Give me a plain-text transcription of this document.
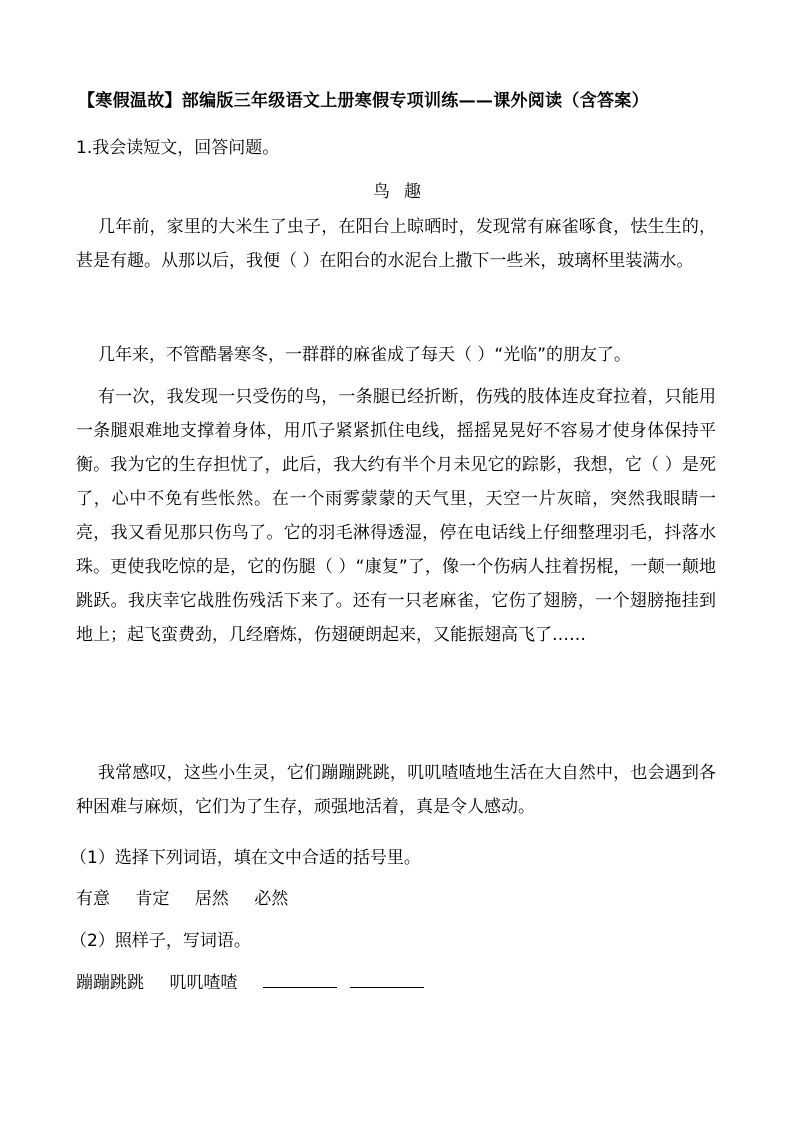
【寒假温故】部编版三年级语文上册寒假专项训练——课外阅读（含答案）
1.我会读短文，回答问题。
鸟趣

几年前，家里的大米生了虫子，在阳台上晾晒时，发现常有麻雀啄食，怯生生的，甚是有趣。从那以后，我便（ ）在阳台的水泥台上撒下一些米，玻璃杯里装满水。

几年来，不管酷暑寒冬，一群群的麻雀成了每天（ ）“光临”的朋友了。

有一次，我发现一只受伤的鸟，一条腿已经折断，伤残的肢体连皮耷拉着，只能用一条腿艰难地支撑着身体，用爪子紧紧抓住电线，摇摇晃晃好不容易才使身体保持平衡。我为它的生存担忧了，此后，我大约有半个月未见它的踪影，我想，它（ ）是死了，心中不免有些怅然。在一个雨雾蒙蒙的天气里，天空一片灰暗，突然我眼睛一亮，我又看见那只伤鸟了。它的羽毛淋得透湿，停在电话线上仔细整理羽毛，抖落水珠。更使我吃惊的是，它的伤腿（ ）“康复”了，像一个伤病人拄着拐棍，一颠一颠地跳跃。我庆幸它战胜伤残活下来了。还有一只老麻雀，它伤了翅膀，一个翅膀拖挂到地上；起飞蛮费劲，几经磨炼，伤翅硬朗起来，又能振翅高飞了……

我常感叹，这些小生灵，它们蹦蹦跳跳，叽叽喳喳地生活在大自然中，也会遇到各种困难与麻烦，它们为了生存，顽强地活着，真是令人感动。

（1）选择下列词语，填在文中合适的括号里。
有意 肯定 居然 必然
（2）照样子，写词语。
蹦蹦跳跳 叽叽喳喳
